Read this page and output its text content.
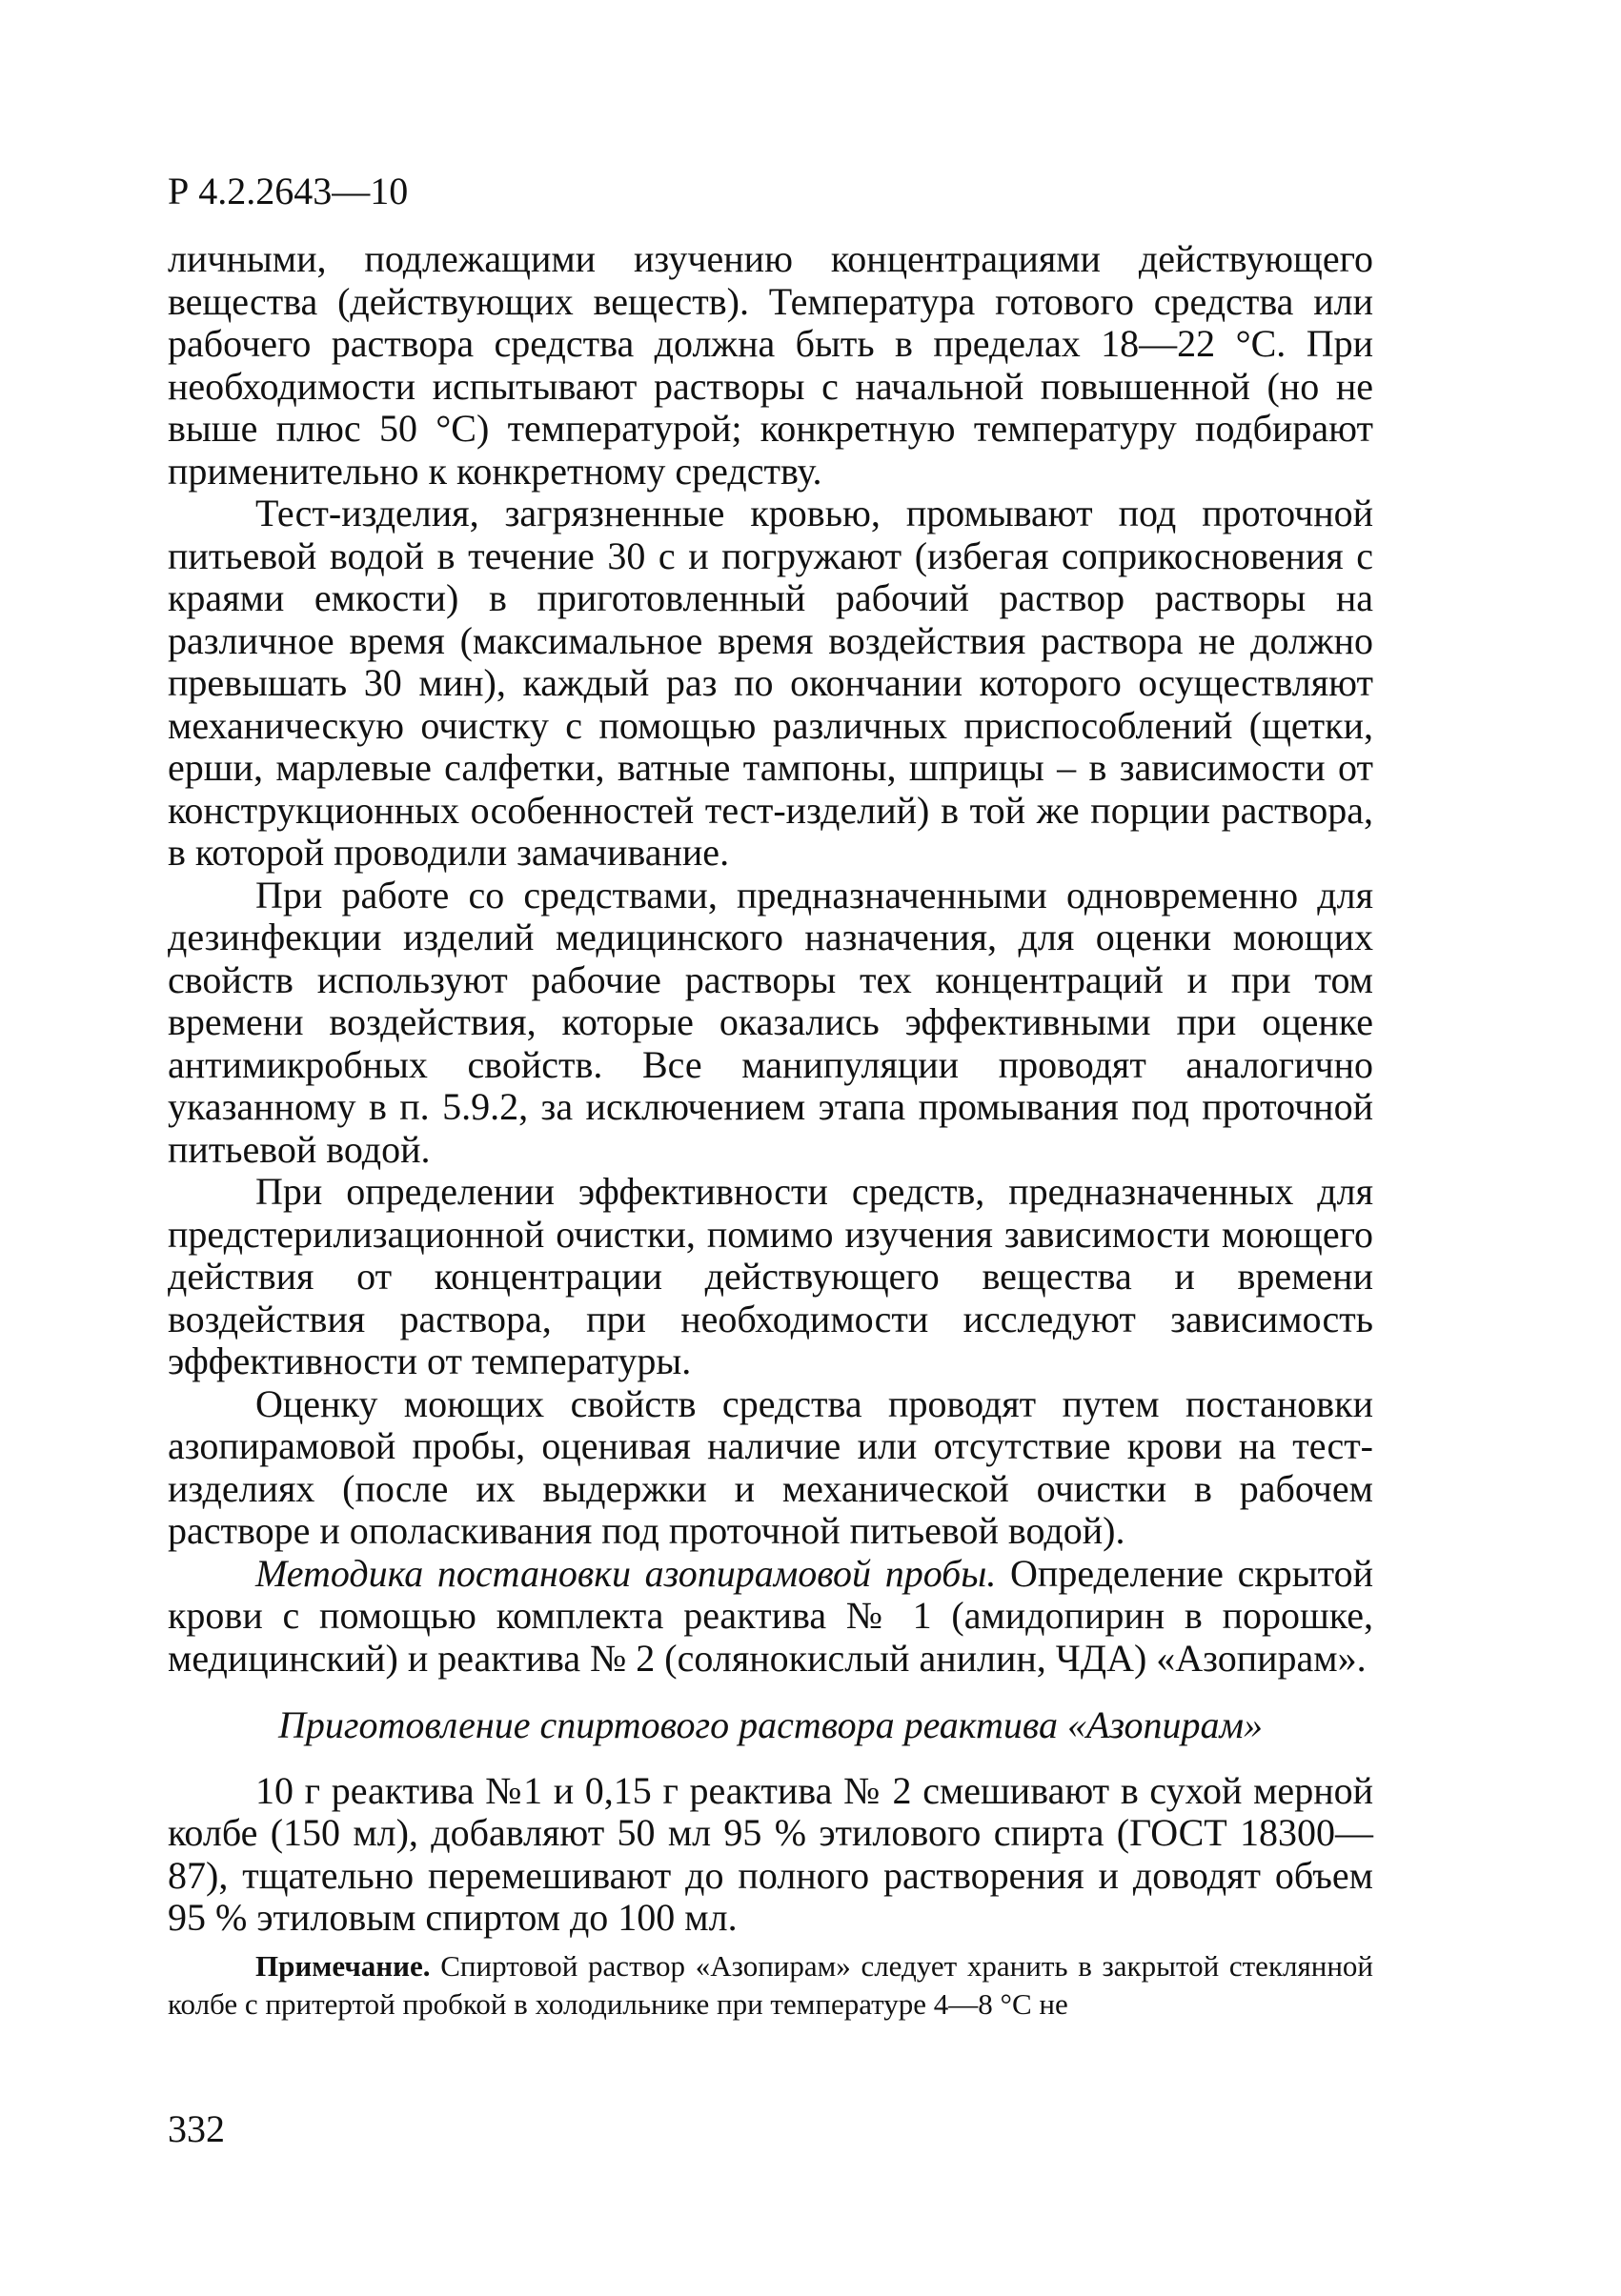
Р 4.2.2643—10

личными, подлежащими изучению концентрациями действующего вещества (действующих веществ). Температура готового средства или рабочего раствора средства должна быть в пределах 18—22 °С. При необходимости испытывают растворы с начальной повышенной (но не выше плюс 50 °С) температурой; конкретную температуру подбирают применительно к конкретному средству.

Тест-изделия, загрязненные кровью, промывают под проточной питьевой водой в течение 30 с и погружают (избегая соприкосновения с краями емкости) в приготовленный рабочий раствор растворы на различное время (максимальное время воздействия раствора не должно превышать 30 мин), каждый раз по окончании которого осуществляют механическую очистку с помощью различных приспособлений (щетки, ерши, марлевые салфетки, ватные тампоны, шприцы – в зависимости от конструкционных особенностей тест-изделий) в той же порции раствора, в которой проводили замачивание.

При работе со средствами, предназначенными одновременно для дезинфекции изделий медицинского назначения, для оценки моющих свойств используют рабочие растворы тех концентраций и при том времени воздействия, которые оказались эффективными при оценке антимикробных свойств. Все манипуляции проводят аналогично указанному в п. 5.9.2, за исключением этапа промывания под проточной питьевой водой.

При определении эффективности средств, предназначенных для предстерилизационной очистки, помимо изучения зависимости моющего действия от концентрации действующего вещества и времени воздействия раствора, при необходимости исследуют зависимость эффективности от температуры.

Оценку моющих свойств средства проводят путем постановки азопирамовой пробы, оценивая наличие или отсутствие крови на тест-изделиях (после их выдержки и механической очистки в рабочем растворе и ополаскивания под проточной питьевой водой).

Методика постановки азопирамовой пробы. Определение скрытой крови с помощью комплекта реактива № 1 (амидопирин в порошке, медицинский) и реактива № 2 (солянокислый анилин, ЧДА) «Азопирам».

Приготовление спиртового раствора реактива «Азопирам»

10 г реактива №1 и 0,15 г реактива № 2 смешивают в сухой мерной колбе (150 мл), добавляют 50 мл 95 % этилового спирта (ГОСТ 18300—87), тщательно перемешивают до полного растворения и доводят объем 95 % этиловым спиртом до 100 мл.

Примечание. Спиртовой раствор «Азопирам» следует хранить в закрытой стеклянной колбе с притертой пробкой в холодильнике при температуре 4—8 °С не

332
